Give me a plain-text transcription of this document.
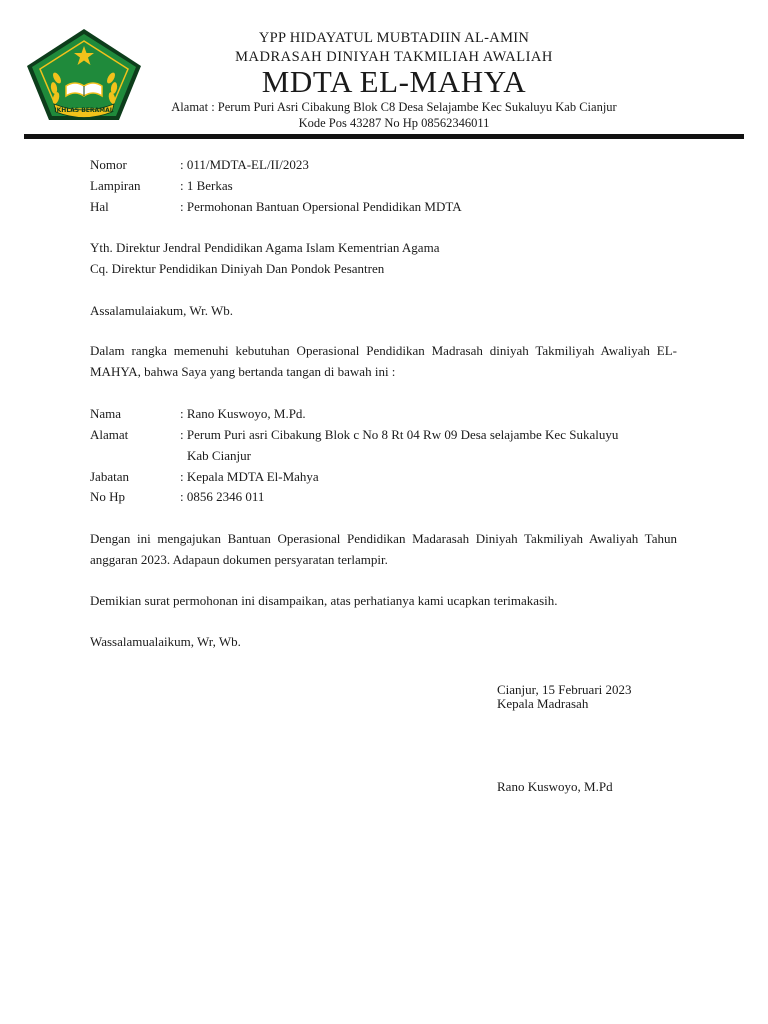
IKHLAS BERAMAL
YPP HIDAYATUL MUBTADIIN AL-AMIN
MADRASAH DINIYAH TAKMILIAH AWALIAH
MDTA EL-MAHYA
Alamat : Perum Puri Asri Cibakung Blok C8 Desa Selajambe Kec Sukaluyu Kab Cianjur
Kode Pos 43287 No Hp 08562346011
Nomor	: 011/MDTA-EL/II/2023
Lampiran	: 1 Berkas
Hal	: Permohonan Bantuan Opersional Pendidikan MDTA
Yth. Direktur Jendral Pendidikan Agama Islam Kementrian Agama
Cq. Direktur Pendidikan Diniyah Dan Pondok Pesantren
Assalamulaiakum, Wr. Wb.
Dalam rangka memenuhi kebutuhan Operasional Pendidikan Madrasah diniyah Takmiliyah Awaliyah EL-MAHYA, bahwa Saya yang bertanda tangan di bawah ini :
Nama	: Rano Kuswoyo, M.Pd.
Alamat	: Perum Puri asri Cibakung Blok c No 8 Rt 04 Rw 09 Desa selajambe Kec Sukaluyu
Kab Cianjur
Jabatan	: Kepala MDTA El-Mahya
No Hp	: 0856 2346 011
Dengan ini mengajukan Bantuan Operasional Pendidikan Madarasah Diniyah Takmiliyah Awaliyah Tahun anggaran 2023. Adapaun dokumen persyaratan terlampir.
Demikian surat permohonan ini disampaikan, atas perhatianya kami ucapkan terimakasih.
Wassalamualaikum, Wr, Wb.
Cianjur, 15 Februari 2023
Kepala Madrasah
Rano Kuswoyo, M.Pd
